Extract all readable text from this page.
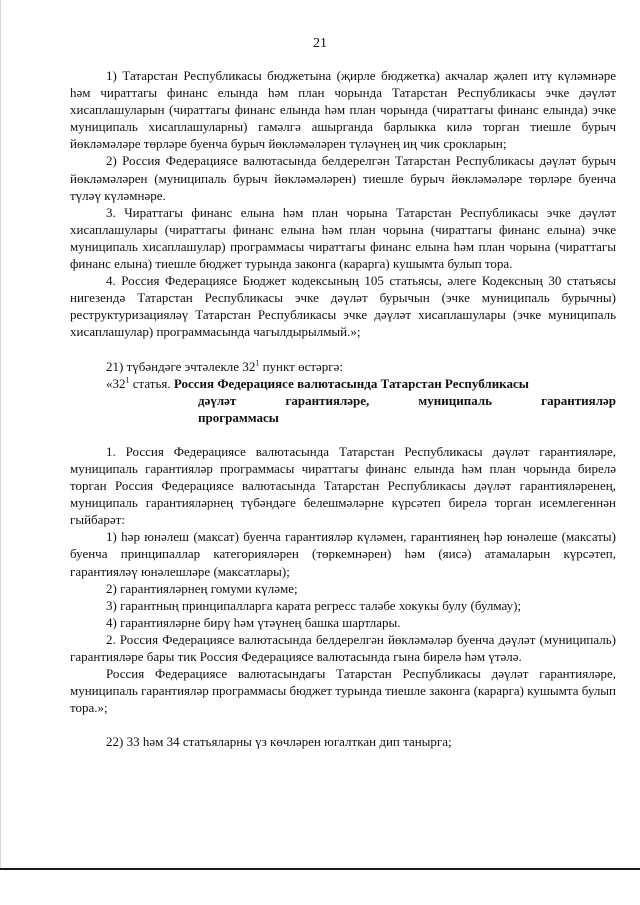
21

1) Татарстан Республикасы бюджетына (җирле бюджетка) акчалар җәлеп итү күләмнәре һәм чираттагы финанс елында һәм план чорында Татарстан Республикасы эчке дәүләт хисаплашуларын (чираттагы финанс елында һәм план чорында (чираттагы финанс елында) эчке муниципаль хисаплашуларны) гамәлгә ашырганда барлыкка килә торган тиешле бурыч йөкләмәләре төрләре буенча бурыч йөкләмәләрен түләүнең иң чик срокларын;

2) Россия Федерациясе валютасында белдерелгән Татарстан Республикасы дәүләт бурыч йөкләмәләрен (муниципаль бурыч йөкләмәләрен) тиешле бурыч йөкләмәләре төрләре буенча түләү күләмнәре.

3. Чираттагы финанс елына һәм план чорына Татарстан Республикасы эчке дәүләт хисаплашулары (чираттагы финанс елына һәм план чорына (чираттагы финанс елына) эчке муниципаль хисаплашулар) программасы чираттагы финанс елына һәм план чорына (чираттагы финанс елына) тиешле бюджет турында законга (карарга) кушымта булып тора.

4. Россия Федерациясе Бюджет кодексының 105 статьясы, әлеге Кодексның 30 статьясы нигезендә Татарстан Республикасы эчке дәүләт бурычын (эчке муниципаль бурычны) реструктуризацияләү Татарстан Республикасы эчке дәүләт хисаплашулары (эчке муниципаль хисаплашулар) программасында чагылдырылмый.»;

21) түбәндәге эчтәлекле $32^1$ пункт өстәргә:

«$32^1$ статья. Россия Федерациясе валютасында Татарстан Республикасы

дәүләт гарантияләре, муниципаль гарантияләр

программасы

1. Россия Федерациясе валютасында Татарстан Республикасы дәүләт гарантияләре, муниципаль гарантияләр программасы чираттагы финанс елында һәм план чорында бирелә торган Россия Федерациясе валютасында Татарстан Республикасы дәүләт гарантияләренең, муниципаль гарантияләрнең түбәндәге белешмәләрне күрсәтеп бирелә торган исемлегеннән гыйбарәт:

1) һәр юнәлеш (максат) буенча гарантияләр күләмен, гарантиянең һәр юнәлеше (максаты) буенча принципаллар категорияләрен (төркемнәрен) һәм (яисә) атамаларын күрсәтеп, гарантияләү юнәлешләре (максатлары);

2) гарантияләрнең гомуми күләме;

3) гарантның принципалларга карата регресс таләбе хокукы булу (булмау);

4) гарантияләрне бирү һәм үтәүнең башка шартлары.

2. Россия Федерациясе валютасында белдерелгән йөкләмәләр буенча дәүләт (муниципаль) гарантияләре бары тик Россия Федерациясе валютасында гына бирелә һәм үтәлә.

Россия Федерациясе валютасындагы Татарстан Республикасы дәүләт гарантияләре, муниципаль гарантияләр программасы бюджет турында тиешле законга (карарга) кушымта булып тора.»;

22) 33 һәм 34 статьяларны үз көчләрен югалткан дип танырга;
